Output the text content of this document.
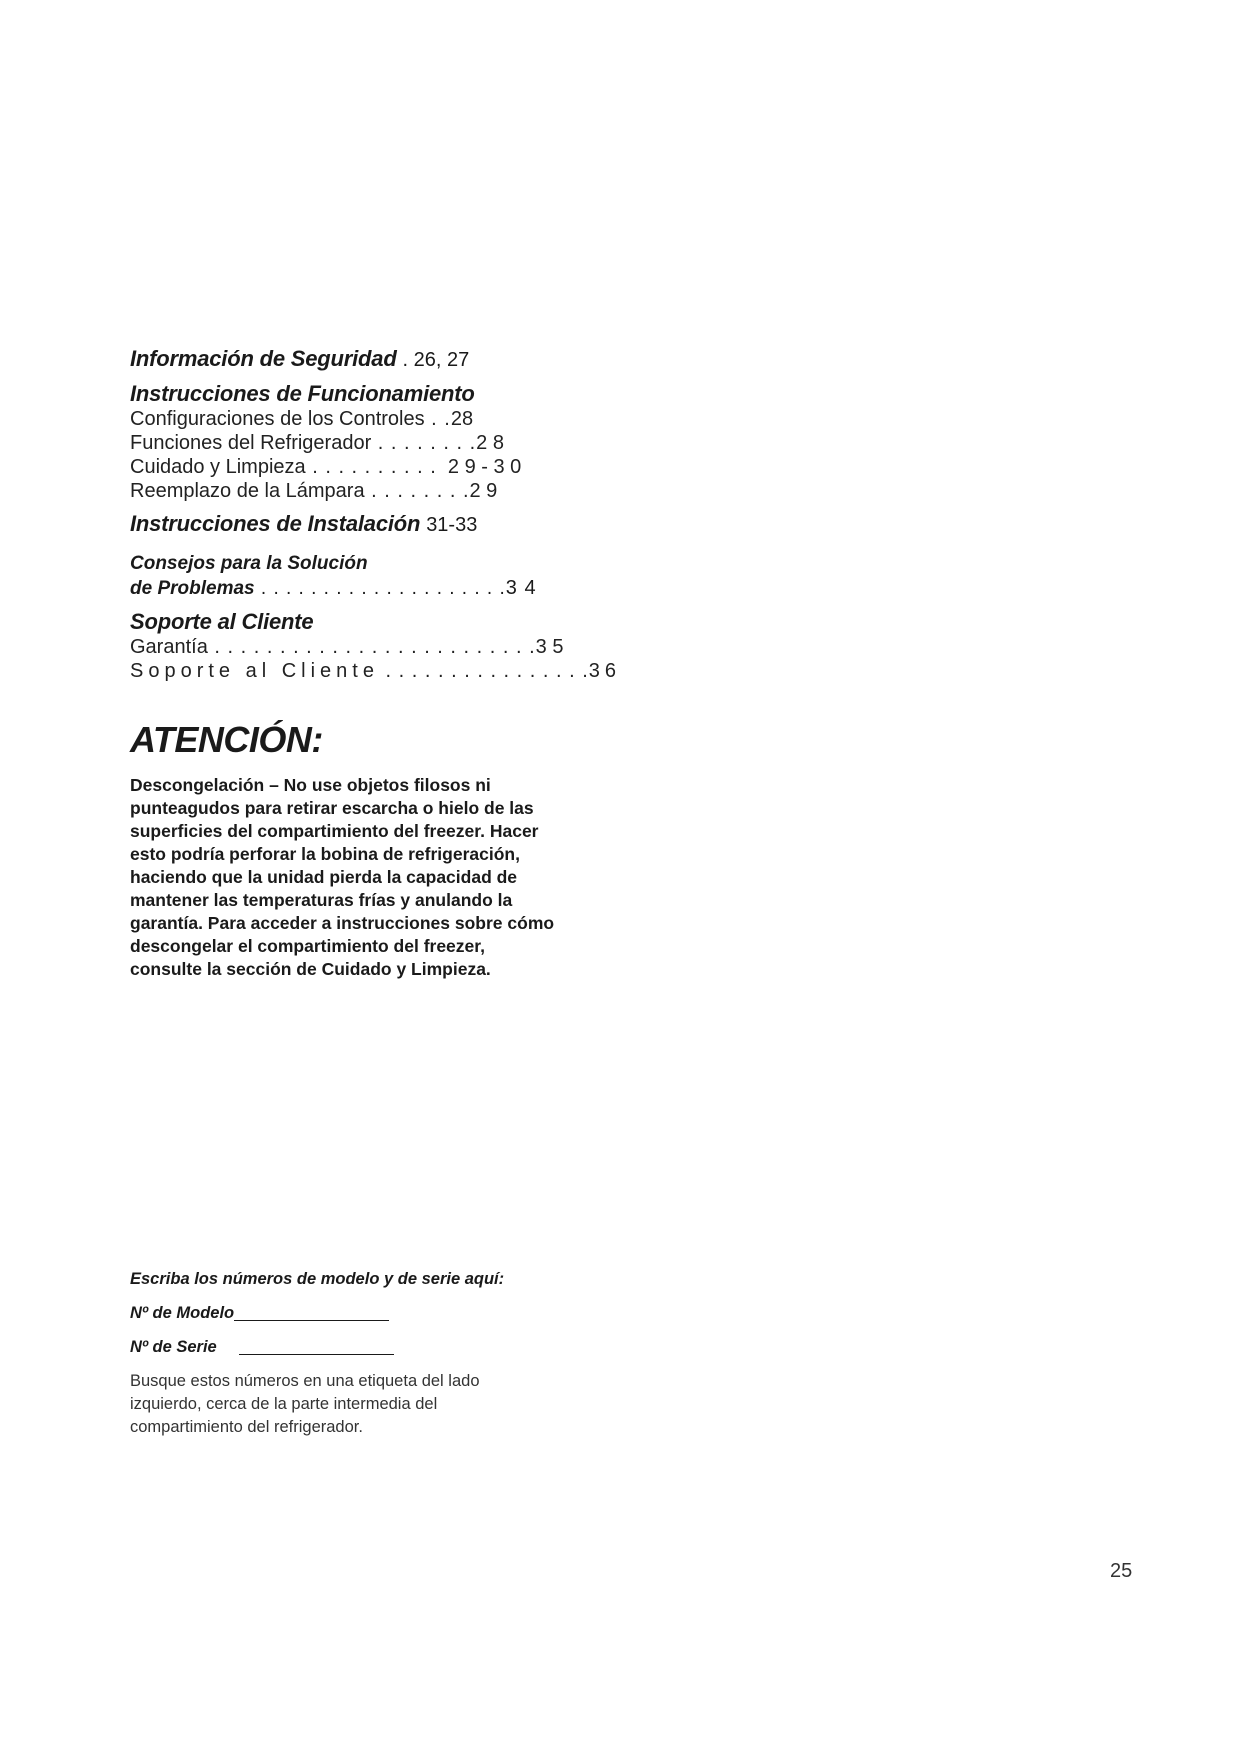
Información de Seguridad . 26, 27
Instrucciones de Funcionamiento
Configuraciones de los Controles . .28
Funciones del Refrigerador . . . . . . . .2 8
Cuidado y Limpieza . . . . . . . . . .  2 9 - 3 0
Reemplazo de la Lámpara . . . . . . . .2 9
Instrucciones de Instalación 31-33
Consejos para la Solución
de Problemas . . . . . . . . . . . . . . . . . . . .3 4
Soporte al Cliente
Garantía . . . . . . . . . . . . . . . . . . . . . . . . .3 5
Soporte al Cliente . . . . . . . . . . . . . . . .36
ATENCIÓN:
Descongelación – No use objetos filosos ni punteagudos para retirar escarcha o hielo de las superficies del compartimiento del freezer. Hacer esto podría perforar la bobina de refrigeración, haciendo que la unidad pierda la capacidad de mantener las temperaturas frías y anulando la garantía. Para acceder a instrucciones sobre cómo descongelar el compartimiento del freezer, consulte la sección de Cuidado y Limpieza.
Escriba los números de modelo y de serie aquí:
Nº de Modelo
Nº de Serie
Busque estos números en una etiqueta del lado izquierdo, cerca de la parte intermedia del compartimiento del refrigerador.
25
